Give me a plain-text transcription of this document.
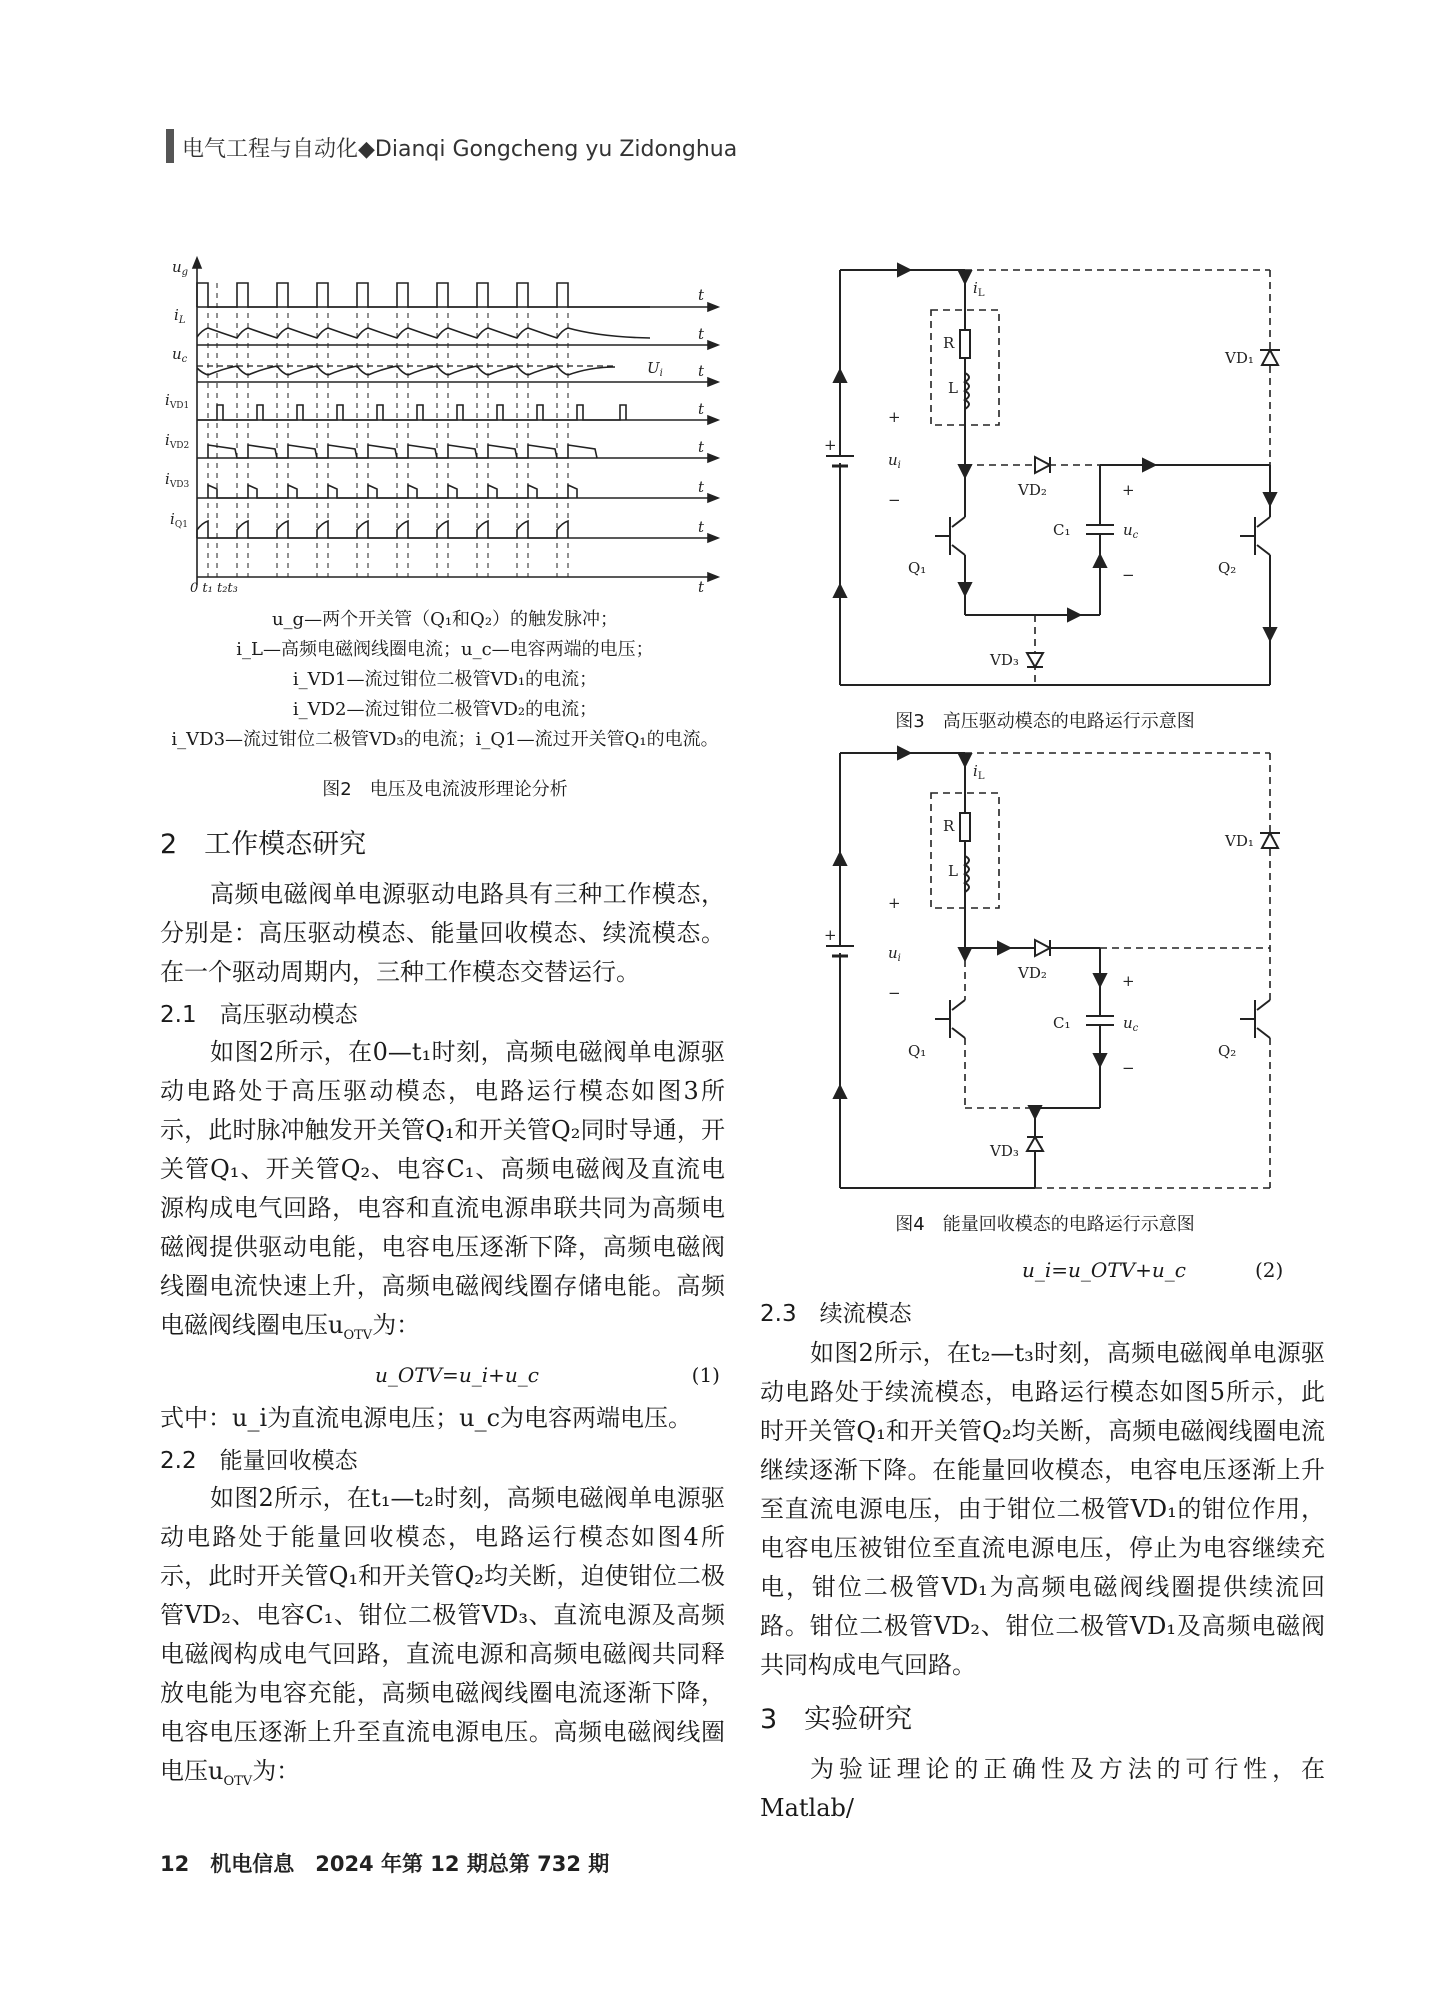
电气工程与自动化◆Dianqi Gongcheng yu Zidonghua
$u_g$
$i_L$
$u_c$
$i_{VD1}$
$i_{VD2}$
$i_{VD3}$
$i_{Q1}$
t
t
t
t
t
t
t
t
$U_i$
0 t₁ t₂t₃
u_g—两个开关管（Q₁和Q₂）的触发脉冲；
i_L—高频电磁阀线圈电流；u_c—电容两端的电压；
i_VD1—流过钳位二极管VD₁的电流；
i_VD2—流过钳位二极管VD₂的电流；
i_VD3—流过钳位二极管VD₃的电流；i_Q1—流过开关管Q₁的电流。
图2　电压及电流波形理论分析

2　工作模态研究

高频电磁阀单电源驱动电路具有三种工作模态，分别是：高压驱动模态、能量回收模态、续流模态。在一个驱动周期内，三种工作模态交替运行。

2.1　高压驱动模态

如图2所示，在0—t₁时刻，高频电磁阀单电源驱动电路处于高压驱动模态，电路运行模态如图3所示，此时脉冲触发开关管Q₁和开关管Q₂同时导通，开关管Q₁、开关管Q₂、电容C₁、高频电磁阀及直流电源构成电气回路，电容和直流电源串联共同为高频电磁阀提供驱动电能，电容电压逐渐下降，高频电磁阀线圈电流快速上升，高频电磁阀线圈存储电能。高频电磁阀线圈电压$u_{OTV}$为：

u_OTV=u_i+u_c	(1)

式中：u_i为直流电源电压；u_c为电容两端电压。

2.2　能量回收模态

如图2所示，在t₁—t₂时刻，高频电磁阀单电源驱动电路处于能量回收模态，电路运行模态如图4所示，此时开关管Q₁和开关管Q₂均关断，迫使钳位二极管VD₂、电容C₁、钳位二极管VD₃、直流电源及高频电磁阀构成电气回路，直流电源和高频电磁阀共同释放电能为电容充能，高频电磁阀线圈电流逐渐下降，电容电压逐渐上升至直流电源电压。高频电磁阀线圈电压$u_{OTV}$为：

$i_L$
R
L
VD₁
VD₂
VD₃
C₁	$u_c$
+
−
+
−
$u_i$
+
Q₁	Q₂
图3　高压驱动模态的电路运行示意图
$i_L$
R
L
VD₁
VD₂
VD₃
C₁	$u_c$
+
−
+
−
$u_i$
+
Q₁	Q₂
图4　能量回收模态的电路运行示意图
u_i=u_OTV+u_c	(2)

2.3　续流模态

如图2所示，在t₂—t₃时刻，高频电磁阀单电源驱动电路处于续流模态，电路运行模态如图5所示，此时开关管Q₁和开关管Q₂均关断，高频电磁阀线圈电流继续逐渐下降。在能量回收模态，电容电压逐渐上升至直流电源电压，由于钳位二极管VD₁的钳位作用，电容电压被钳位至直流电源电压，停止为电容继续充电，钳位二极管VD₁为高频电磁阀线圈提供续流回路。钳位二极管VD₂、钳位二极管VD₁及高频电磁阀共同构成电气回路。

3　实验研究

为验证理论的正确性及方法的可行性，在Matlab/

12　机电信息　2024 年第 12 期总第 732 期
